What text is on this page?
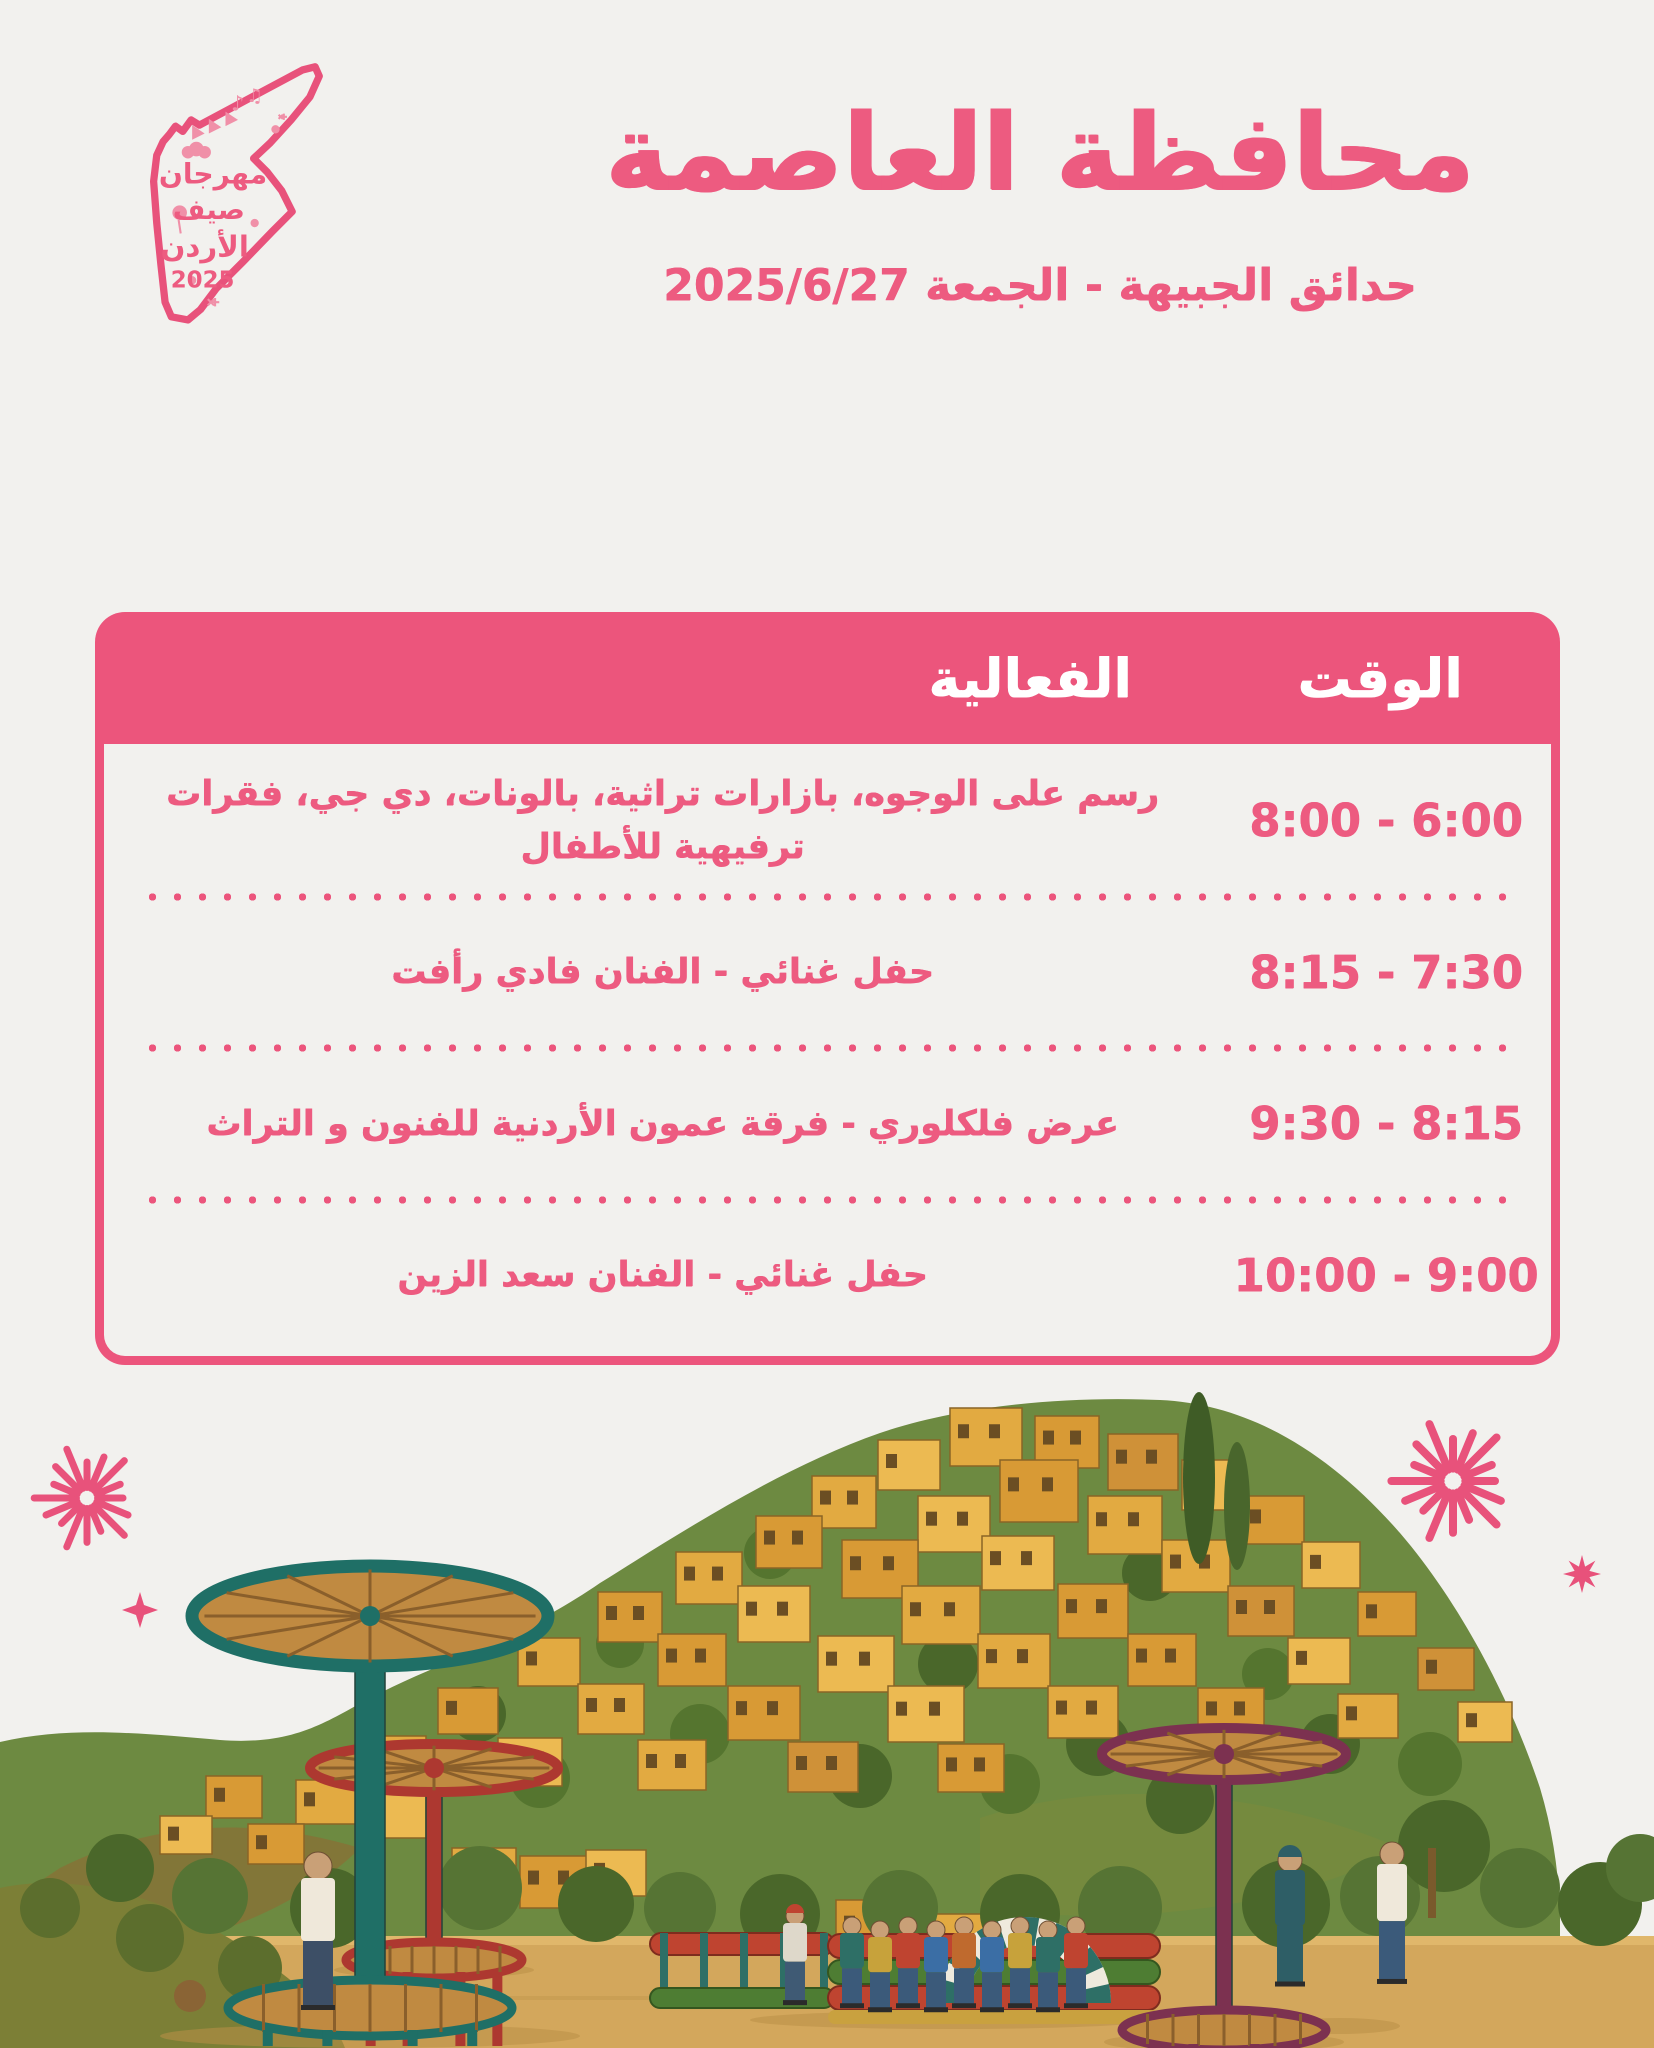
♪ ♫
مهرجان
صيف
الأردن
2025
محافظة العاصمة
حدائق الجبيهة - الجمعة 2025/6/27
الوقت
الفعالية
6:00 - 8:00
رسم على الوجوه، بازارات تراثية، بالونات، دي جي، فقرات ترفيهية للأطفال
7:30 - 8:15
حفل غنائي - الفنان فادي رأفت
8:15 - 9:30
عرض فلكلوري - فرقة عمون الأردنية للفنون و التراث
9:00 - 10:00
حفل غنائي - الفنان سعد الزين
